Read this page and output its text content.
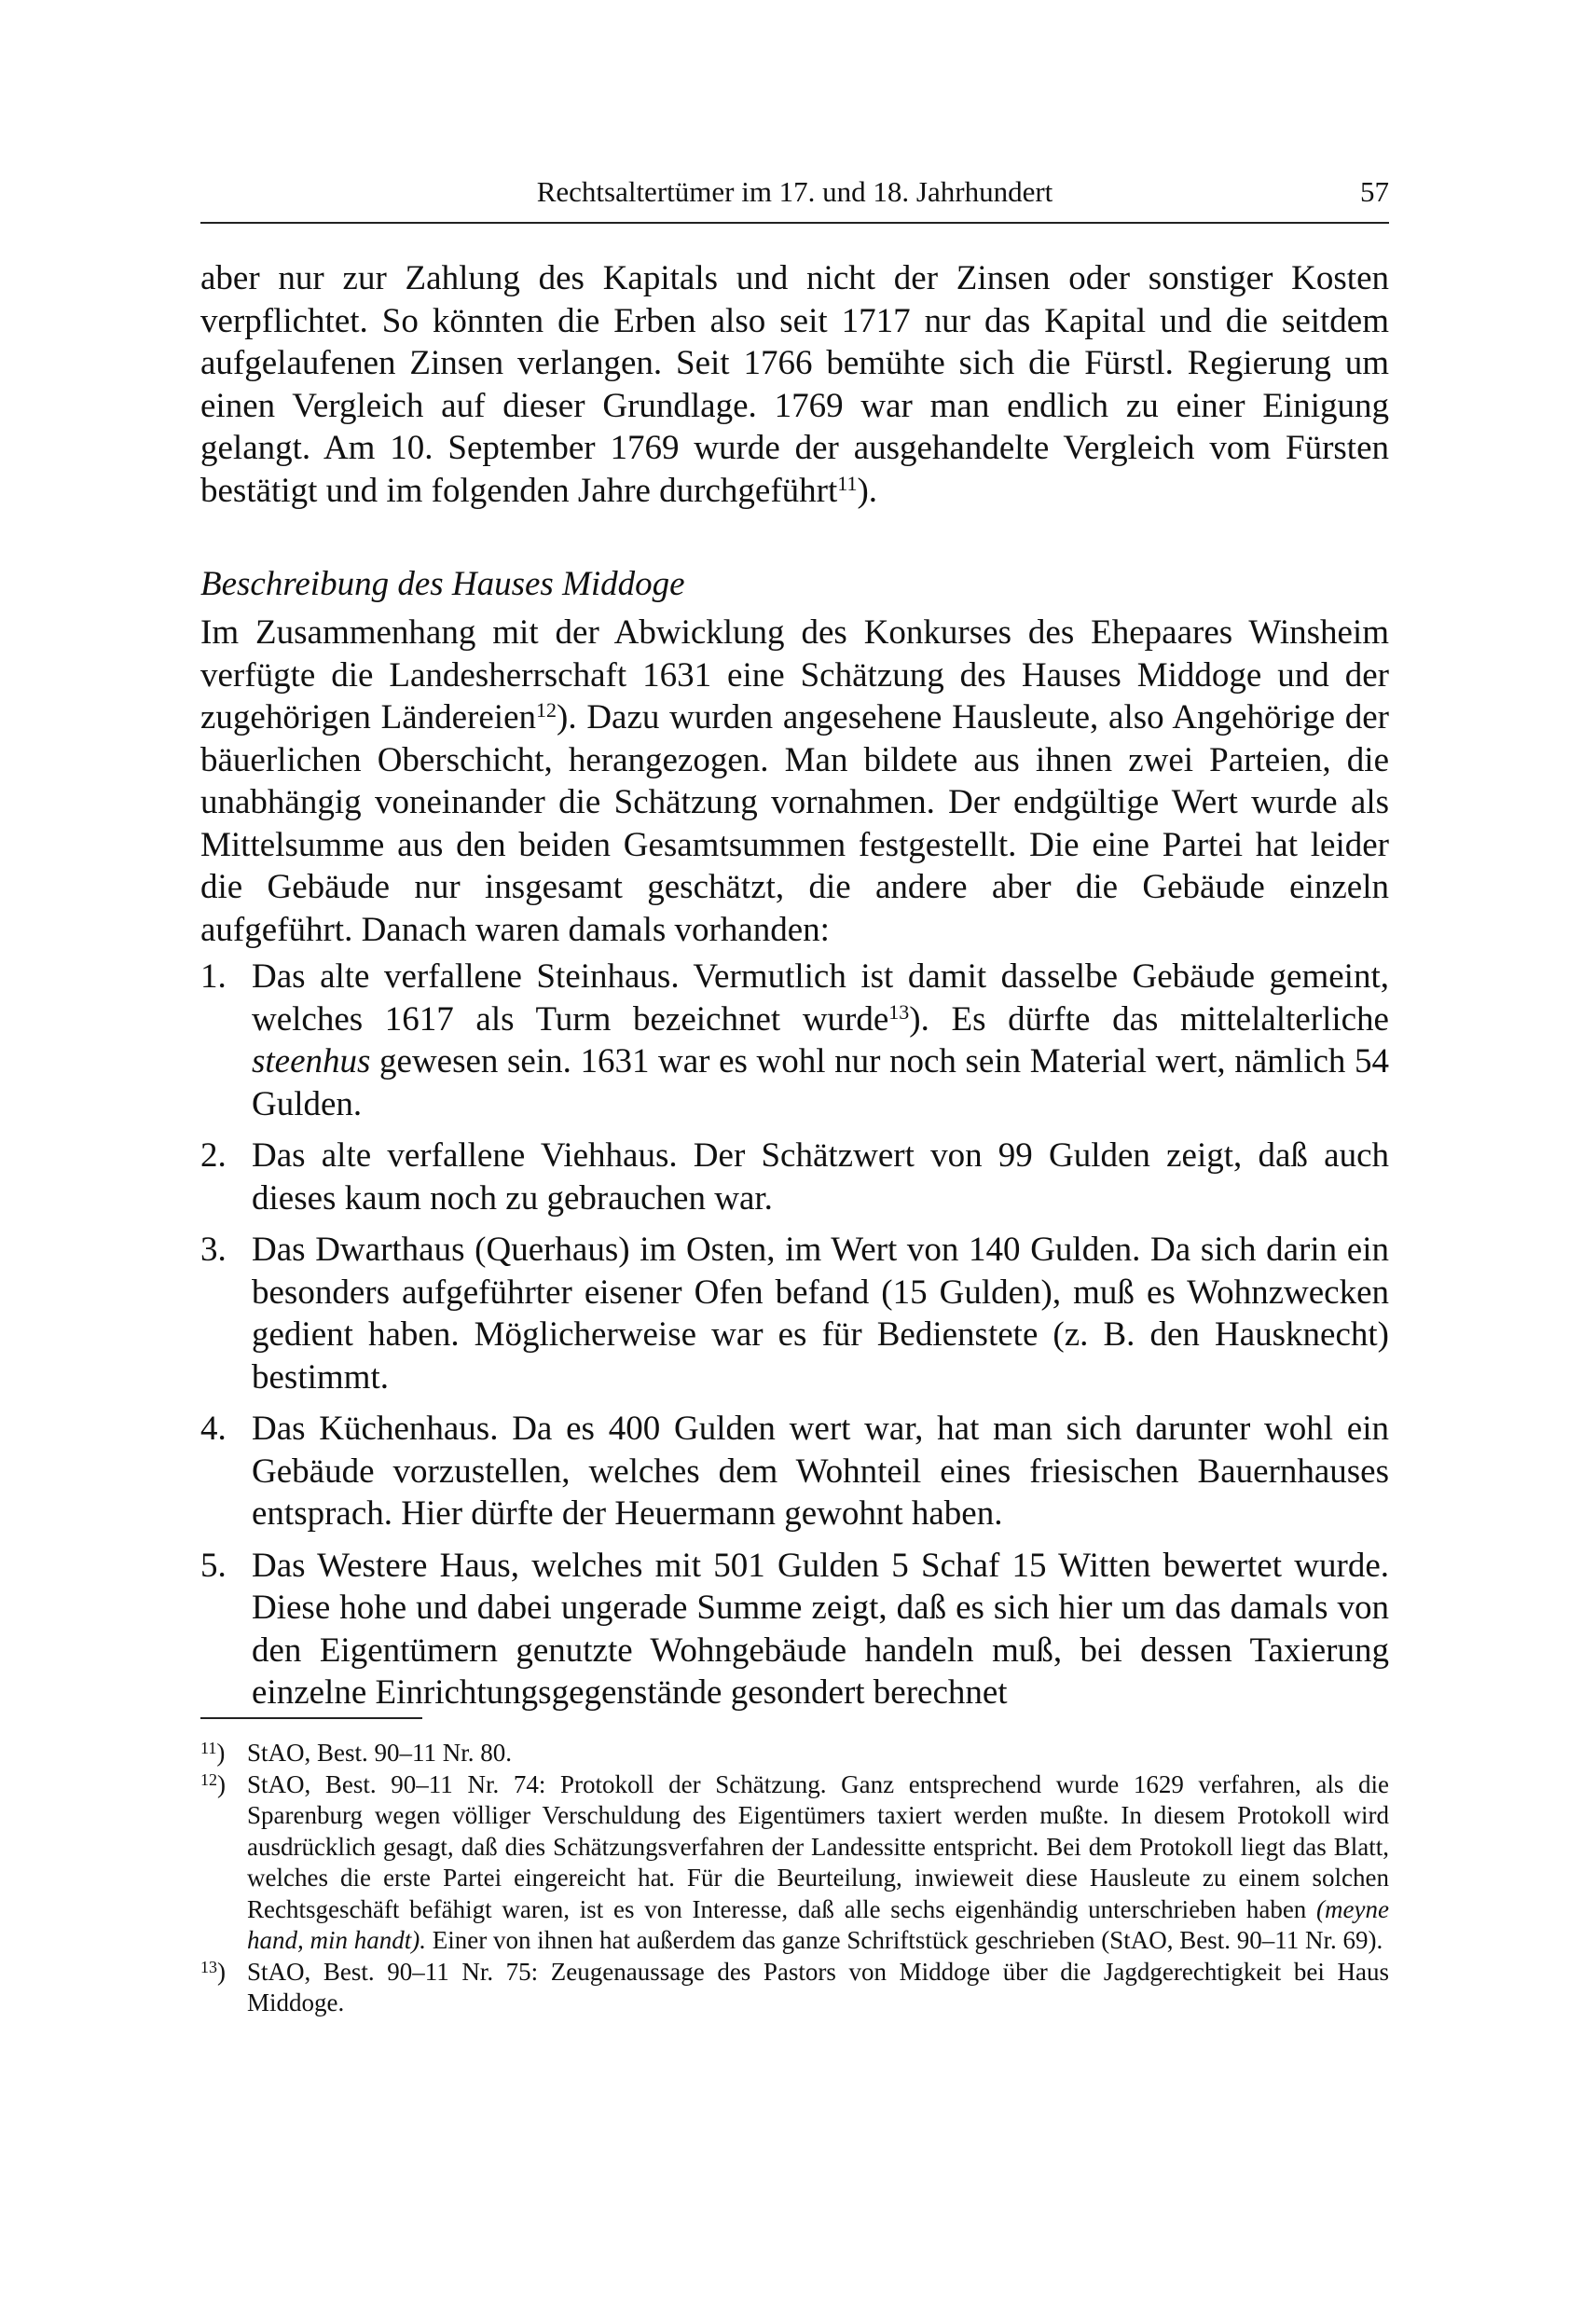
Rechtsaltertümer im 17. und 18. Jahrhundert	57

aber nur zur Zahlung des Kapitals und nicht der Zinsen oder sonstiger Kosten verpflichtet. So könnten die Erben also seit 1717 nur das Kapital und die seitdem aufgelaufenen Zinsen verlangen. Seit 1766 bemühte sich die Fürstl. Regierung um einen Vergleich auf dieser Grundlage. 1769 war man endlich zu einer Einigung gelangt. Am 10. September 1769 wurde der ausgehandelte Vergleich vom Fürsten bestätigt und im folgenden Jahre durchgeführt$^{11}$).

Beschreibung des Hauses Middoge

Im Zusammenhang mit der Abwicklung des Konkurses des Ehepaares Winsheim verfügte die Landesherrschaft 1631 eine Schätzung des Hauses Middoge und der zugehörigen Ländereien$^{12}$). Dazu wurden angesehene Hausleute, also Angehörige der bäuerlichen Oberschicht, herangezogen. Man bildete aus ihnen zwei Parteien, die unabhängig voneinander die Schätzung vornahmen. Der endgültige Wert wurde als Mittelsumme aus den beiden Gesamtsummen festgestellt. Die eine Partei hat leider die Gebäude nur insgesamt geschätzt, die andere aber die Gebäude einzeln aufgeführt. Danach waren damals vorhanden:

1. Das alte verfallene Steinhaus. Vermutlich ist damit dasselbe Gebäude gemeint, welches 1617 als Turm bezeichnet wurde$^{13}$). Es dürfte das mittelalterliche steenhus gewesen sein. 1631 war es wohl nur noch sein Material wert, nämlich 54 Gulden.
2. Das alte verfallene Viehhaus. Der Schätzwert von 99 Gulden zeigt, daß auch dieses kaum noch zu gebrauchen war.
3. Das Dwarthaus (Querhaus) im Osten, im Wert von 140 Gulden. Da sich darin ein besonders aufgeführter eisener Ofen befand (15 Gulden), muß es Wohnzwecken gedient haben. Möglicherweise war es für Bedienstete (z. B. den Hausknecht) bestimmt.
4. Das Küchenhaus. Da es 400 Gulden wert war, hat man sich darunter wohl ein Gebäude vorzustellen, welches dem Wohnteil eines friesischen Bauernhauses entsprach. Hier dürfte der Heuermann gewohnt haben.
5. Das Westere Haus, welches mit 501 Gulden 5 Schaf 15 Witten bewertet wurde. Diese hohe und dabei ungerade Summe zeigt, daß es sich hier um das damals von den Eigentümern genutzte Wohngebäude handeln muß, bei dessen Taxierung einzelne Einrichtungsgegenstände gesondert berechnet
$^{11}$) StAO, Best. 90–11 Nr. 80.
$^{12}$) StAO, Best. 90–11 Nr. 74: Protokoll der Schätzung. Ganz entsprechend wurde 1629 verfahren, als die Sparenburg wegen völliger Verschuldung des Eigentümers taxiert werden mußte. In diesem Protokoll wird ausdrücklich gesagt, daß dies Schätzungsverfahren der Landessitte entspricht. Bei dem Protokoll liegt das Blatt, welches die erste Partei eingereicht hat. Für die Beurteilung, inwieweit diese Hausleute zu einem solchen Rechtsgeschäft befähigt waren, ist es von Interesse, daß alle sechs eigenhändig unterschrieben haben (meyne hand, min handt). Einer von ihnen hat außerdem das ganze Schriftstück geschrieben (StAO, Best. 90–11 Nr. 69).
$^{13}$) StAO, Best. 90–11 Nr. 75: Zeugenaussage des Pastors von Middoge über die Jagdgerechtigkeit bei Haus Middoge.
